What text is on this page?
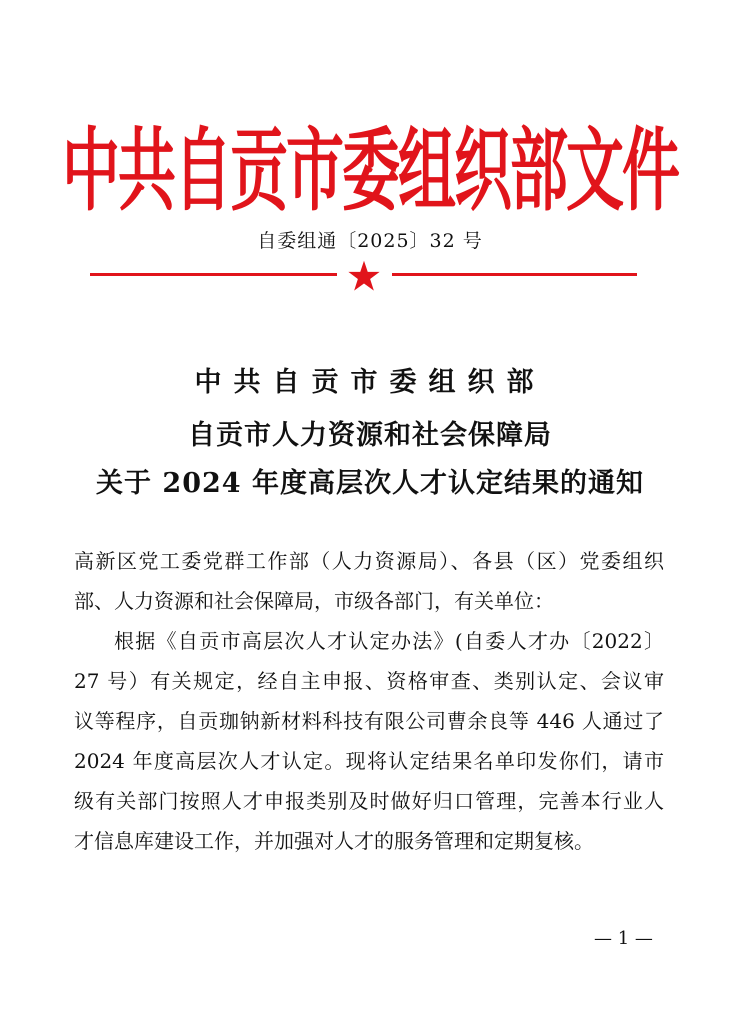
中共自贡市委组织部文件
自委组通〔2025〕32 号
中共自贡市委组织部
自贡市人力资源和社会保障局
关于 2024 年度高层次人才认定结果的通知
高新区党工委党群工作部（人力资源局）、各县（区）党委组织
部、人力资源和社会保障局，市级各部门，有关单位：
根据《自贡市高层次人才认定办法》(自委人才办〔2022〕
27 号）有关规定，经自主申报、资格审查、类别认定、会议审
议等程序，自贡珈钠新材料科技有限公司曹余良等 446 人通过了
2024 年度高层次人才认定。现将认定结果名单印发你们，请市
级有关部门按照人才申报类别及时做好归口管理，完善本行业人
才信息库建设工作，并加强对人才的服务管理和定期复核。
— 1 —
